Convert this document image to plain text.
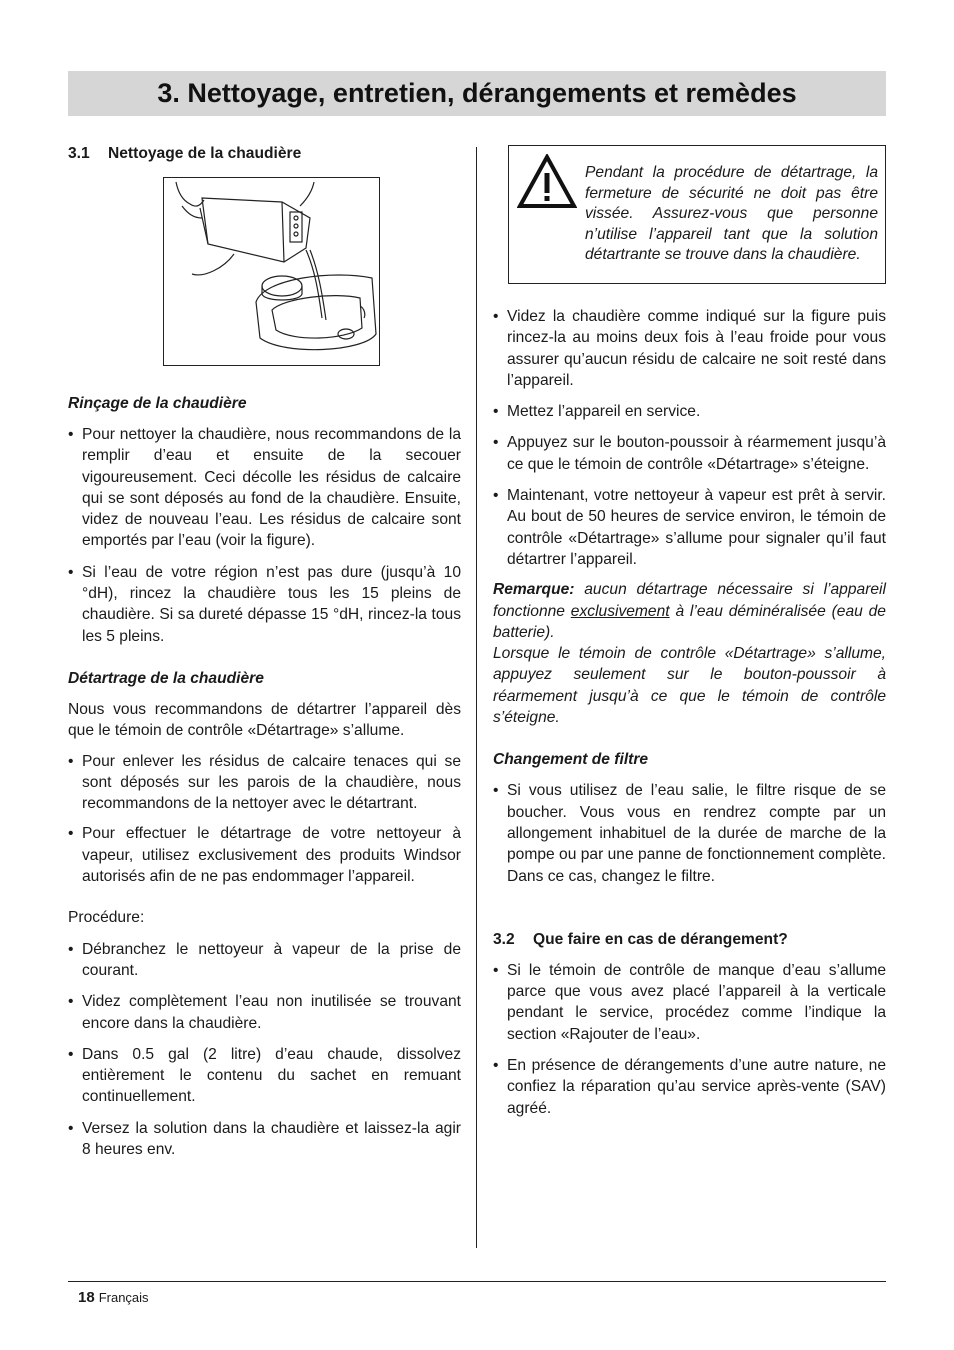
3. Nettoyage, entretien, dérangements et remèdes
3.1 Nettoyage de la chaudière
Rinçage de la chaudière
• Pour nettoyer la chaudière, nous recommandons de la remplir d’eau et ensuite de la secouer vigoureusement. Ceci décolle les résidus de calcaire qui se sont déposés au fond de la chaudière. Ensuite, videz de nouveau l’eau. Les résidus de calcaire sont emportés par l’eau (voir la figure).
• Si l’eau de votre région n’est pas dure (jusqu’à 10 °dH), rincez la chaudière tous les 15 pleins de chaudière. Si sa dureté dépasse 15 °dH, rincez-la tous les 5 pleins.
Détartrage de la chaudière

Nous vous recommandons de détartrer l’appareil dès que le témoin de contrôle «Détartrage» s’allume.

• Pour enlever les résidus de calcaire tenaces qui se sont déposés sur les parois de la chaudière, nous recommandons de la nettoyer avec le détartrant.
• Pour effectuer le détartrage de votre nettoyeur à vapeur, utilisez exclusivement des produits Windsor autorisés afin de ne pas endommager l’appareil.

Procédure:

• Débranchez le nettoyeur à vapeur de la prise de courant.
• Videz complètement l’eau non inutilisée se trouvant encore dans la chaudière.
• Dans 0.5 gal (2 litre) d’eau chaude, dissolvez entièrement le contenu du sachet en remuant continuellement.
• Versez la solution dans la chaudière et laissez-la agir 8 heures env.
Pendant la procédure de détartrage, la fermeture de sécurité ne doit pas être vissée. Assurez-vous que personne n’utilise l’appareil tant que la solution détartrante se trouve dans la chaudière.
• Videz la chaudière comme indiqué sur la figure puis rincez-la au moins deux fois à l’eau froide pour vous assurer qu’aucun résidu de calcaire ne soit resté dans l’appareil.
• Mettez l’appareil en service.
• Appuyez sur le bouton-poussoir à réarmement jusqu’à ce que le témoin de contrôle «Détartrage» s’éteigne.
• Maintenant, votre nettoyeur à vapeur est prêt à servir. Au bout de 50 heures de service environ, le témoin de contrôle «Détartrage» s’allume pour signaler qu’il faut détartrer l’appareil.
Remarque: aucun détartrage nécessaire si l’appareil fonctionne exclusivement à l’eau déminéralisée (eau de batterie).
Lorsque le témoin de contrôle «Détartrage» s’allume, appuyez seulement sur le bouton-poussoir à réarmement jusqu’à ce que le témoin de contrôle s’éteigne.
Changement de filtre
• Si vous utilisez de l’eau salie, le filtre risque de se boucher. Vous vous en rendrez compte par un allongement inhabituel de la durée de marche de la pompe ou par une panne de fonctionnement complète. Dans ce cas, changez le filtre.
3.2 Que faire en cas de dérangement?
• Si le témoin de contrôle de manque d’eau s’allume parce que vous avez placé l’appareil à la verticale pendant le service, procédez comme l’indique la section «Rajouter de l’eau».
• En présence de dérangements d’une autre nature, ne confiez la réparation qu’au service après-vente (SAV) agréé.
18 Français
